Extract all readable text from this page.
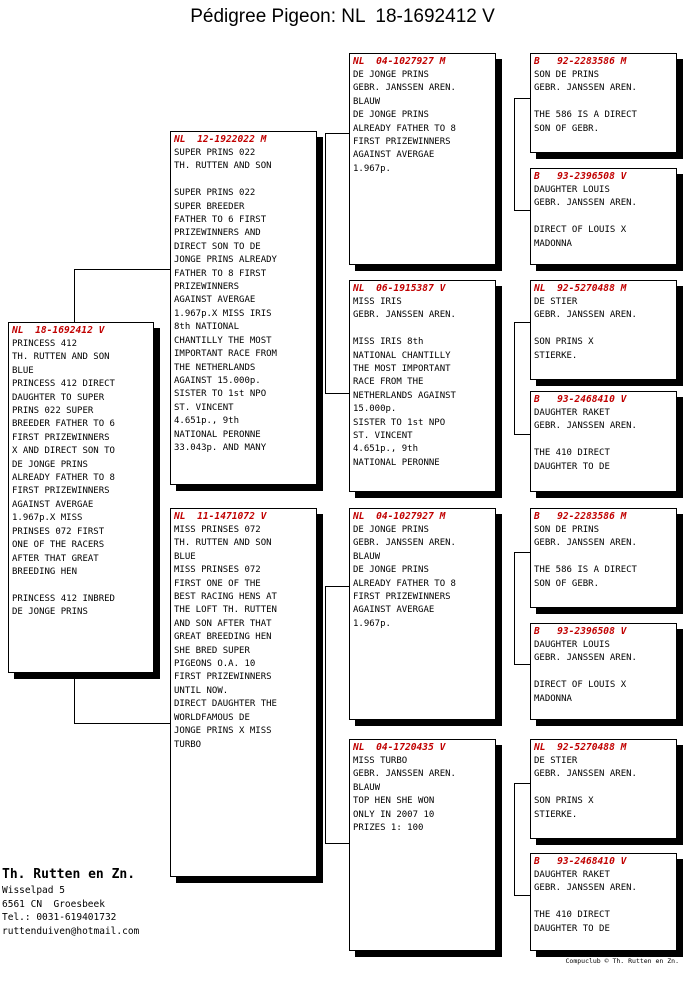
Pédigree Pigeon: NL  18-1692412 V
NL  18-1692412 V
PRINCESS 412
TH. RUTTEN AND SON
BLUE
PRINCESS 412 DIRECT
DAUGHTER TO SUPER
PRINS 022 SUPER
BREEDER FATHER TO 6
FIRST PRIZEWINNERS
X AND DIRECT SON TO
DE JONGE PRINS
ALREADY FATHER TO 8
FIRST PRIZEWINNERS
AGAINST AVERGAE
1.967p.X MISS
PRINSES 072 FIRST
ONE OF THE RACERS
AFTER THAT GREAT
BREEDING HEN

PRINCESS 412 INBRED
DE JONGE PRINS
NL  12-1922022 M
SUPER PRINS 022
TH. RUTTEN AND SON

SUPER PRINS 022
SUPER BREEDER
FATHER TO 6 FIRST
PRIZEWINNERS AND
DIRECT SON TO DE
JONGE PRINS ALREADY
FATHER TO 8 FIRST
PRIZEWINNERS
AGAINST AVERGAE
1.967p.X MISS IRIS
8th NATIONAL
CHANTILLY THE MOST
IMPORTANT RACE FROM
THE NETHERLANDS
AGAINST 15.000p.
SISTER TO 1st NPO
ST. VINCENT
4.651p., 9th
NATIONAL PERONNE
33.043p. AND MANY
NL  11-1471072 V
MISS PRINSES 072
TH. RUTTEN AND SON
BLUE
MISS PRINSES 072
FIRST ONE OF THE
BEST RACING HENS AT
THE LOFT TH. RUTTEN
AND SON AFTER THAT
GREAT BREEDING HEN
SHE BRED SUPER
PIGEONS O.A. 10
FIRST PRIZEWINNERS
UNTIL NOW.
DIRECT DAUGHTER THE
WORLDFAMOUS DE
JONGE PRINS X MISS
TURBO
NL  04-1027927 M
DE JONGE PRINS
GEBR. JANSSEN AREN.
BLAUW
DE JONGE PRINS
ALREADY FATHER TO 8
FIRST PRIZEWINNERS
AGAINST AVERGAE
1.967p.
NL  06-1915387 V
MISS IRIS
GEBR. JANSSEN AREN.

MISS IRIS 8th
NATIONAL CHANTILLY
THE MOST IMPORTANT
RACE FROM THE
NETHERLANDS AGAINST
15.000p.
SISTER TO 1st NPO
ST. VINCENT
4.651p., 9th
NATIONAL PERONNE
NL  04-1027927 M
DE JONGE PRINS
GEBR. JANSSEN AREN.
BLAUW
DE JONGE PRINS
ALREADY FATHER TO 8
FIRST PRIZEWINNERS
AGAINST AVERGAE
1.967p.
NL  04-1720435 V
MISS TURBO
GEBR. JANSSEN AREN.
BLAUW
TOP HEN SHE WON
ONLY IN 2007 10
PRIZES 1: 100
B   92-2283586 M
SON DE PRINS
GEBR. JANSSEN AREN.

THE 586 IS A DIRECT
SON OF GEBR.
B   93-2396508 V
DAUGHTER LOUIS
GEBR. JANSSEN AREN.

DIRECT OF LOUIS X
MADONNA
NL  92-5270488 M
DE STIER
GEBR. JANSSEN AREN.

SON PRINS X
STIERKE.
B   93-2468410 V
DAUGHTER RAKET
GEBR. JANSSEN AREN.

THE 410 DIRECT
DAUGHTER TO DE
B   92-2283586 M
SON DE PRINS
GEBR. JANSSEN AREN.

THE 586 IS A DIRECT
SON OF GEBR.
B   93-2396508 V
DAUGHTER LOUIS
GEBR. JANSSEN AREN.

DIRECT OF LOUIS X
MADONNA
NL  92-5270488 M
DE STIER
GEBR. JANSSEN AREN.

SON PRINS X
STIERKE.
B   93-2468410 V
DAUGHTER RAKET
GEBR. JANSSEN AREN.

THE 410 DIRECT
DAUGHTER TO DE
Th. Rutten en Zn.
Wisselpad 5
6561 CN  Groesbeek
Tel.: 0031-619401732
ruttenduiven@hotmail.com
Compuclub © Th. Rutten en Zn.
